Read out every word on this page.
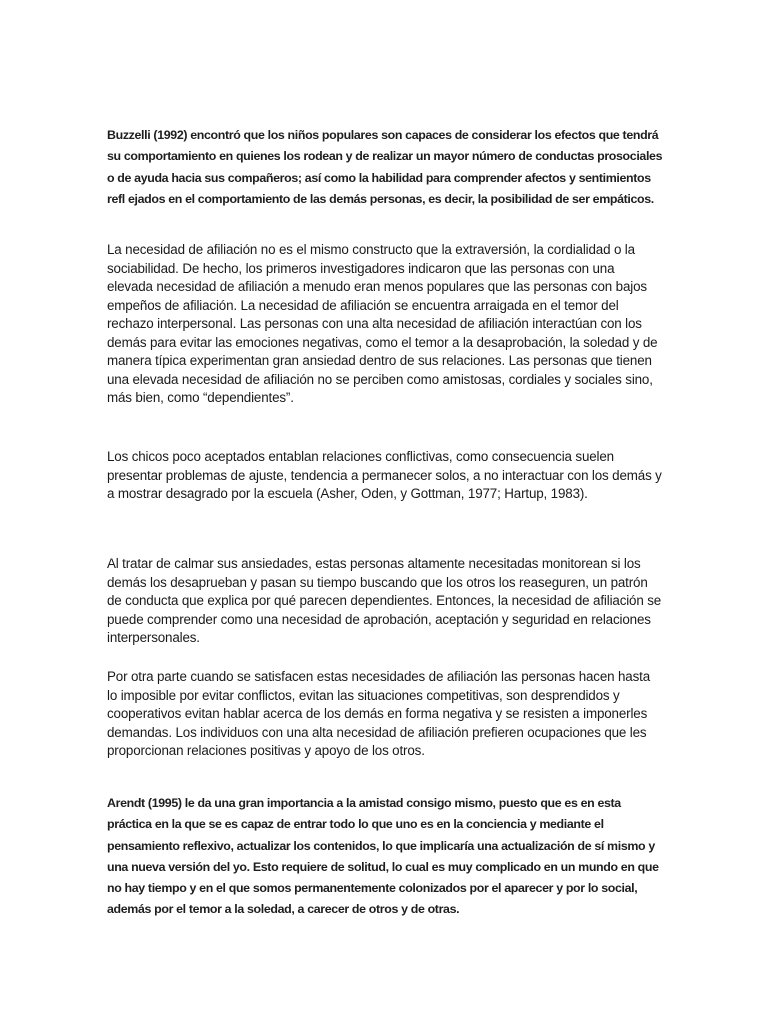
Buzzelli (1992) encontró que los niños populares son capaces de considerar los efectos que tendrá su comportamiento en quienes los rodean y de realizar un mayor número de conductas prosociales o de ayuda hacia sus compañeros; así como la habilidad para comprender afectos y sentimientos refl ejados en el comportamiento de las demás personas, es decir, la posibilidad de ser empáticos.

La necesidad de afiliación no es el mismo constructo que la extraversión, la cordialidad o la sociabilidad. De hecho, los primeros investigadores indicaron que las personas con una elevada necesidad de afiliación a menudo eran menos populares que las personas con bajos empeños de afiliación. La necesidad de afiliación se encuentra arraigada en el temor del rechazo interpersonal. Las personas con una alta necesidad de afiliación interactúan con los demás para evitar las emociones negativas, como el temor a la desaprobación, la soledad y de manera típica experimentan gran ansiedad dentro de sus relaciones. Las personas que tienen una elevada necesidad de afiliación no se perciben como amistosas, cordiales y sociales sino, más bien, como “dependientes”.

Los chicos poco aceptados entablan relaciones conflictivas, como consecuencia suelen presentar problemas de ajuste, tendencia a permanecer solos, a no interactuar con los demás y a mostrar desagrado por la escuela (Asher, Oden, y Gottman, 1977; Hartup, 1983).

Al tratar de calmar sus ansiedades, estas personas altamente necesitadas monitorean si los demás los desaprueban y pasan su tiempo buscando que los otros los reaseguren, un patrón de conducta que explica por qué parecen dependientes. Entonces, la necesidad de afiliación se puede comprender como una necesidad de aprobación, aceptación y seguridad en relaciones interpersonales.

Por otra parte cuando se satisfacen estas necesidades de afiliación las personas hacen hasta lo imposible por evitar conflictos, evitan las situaciones competitivas, son desprendidos y cooperativos evitan hablar acerca de los demás en forma negativa y se resisten a imponerles demandas. Los individuos con una alta necesidad de afiliación prefieren ocupaciones que les proporcionan relaciones positivas y apoyo de los otros.

Arendt (1995) le da una gran importancia a la amistad consigo mismo, puesto que es en esta práctica en la que se es capaz de entrar todo lo que uno es en la conciencia y mediante el pensamiento reflexivo, actualizar los contenidos, lo que implicaría una actualización de sí mismo y una nueva versión del yo. Esto requiere de solitud, lo cual es muy complicado en un mundo en que no hay tiempo y en el que somos permanentemente colonizados por el aparecer y por lo social, además por el temor a la soledad, a carecer de otros y de otras.
